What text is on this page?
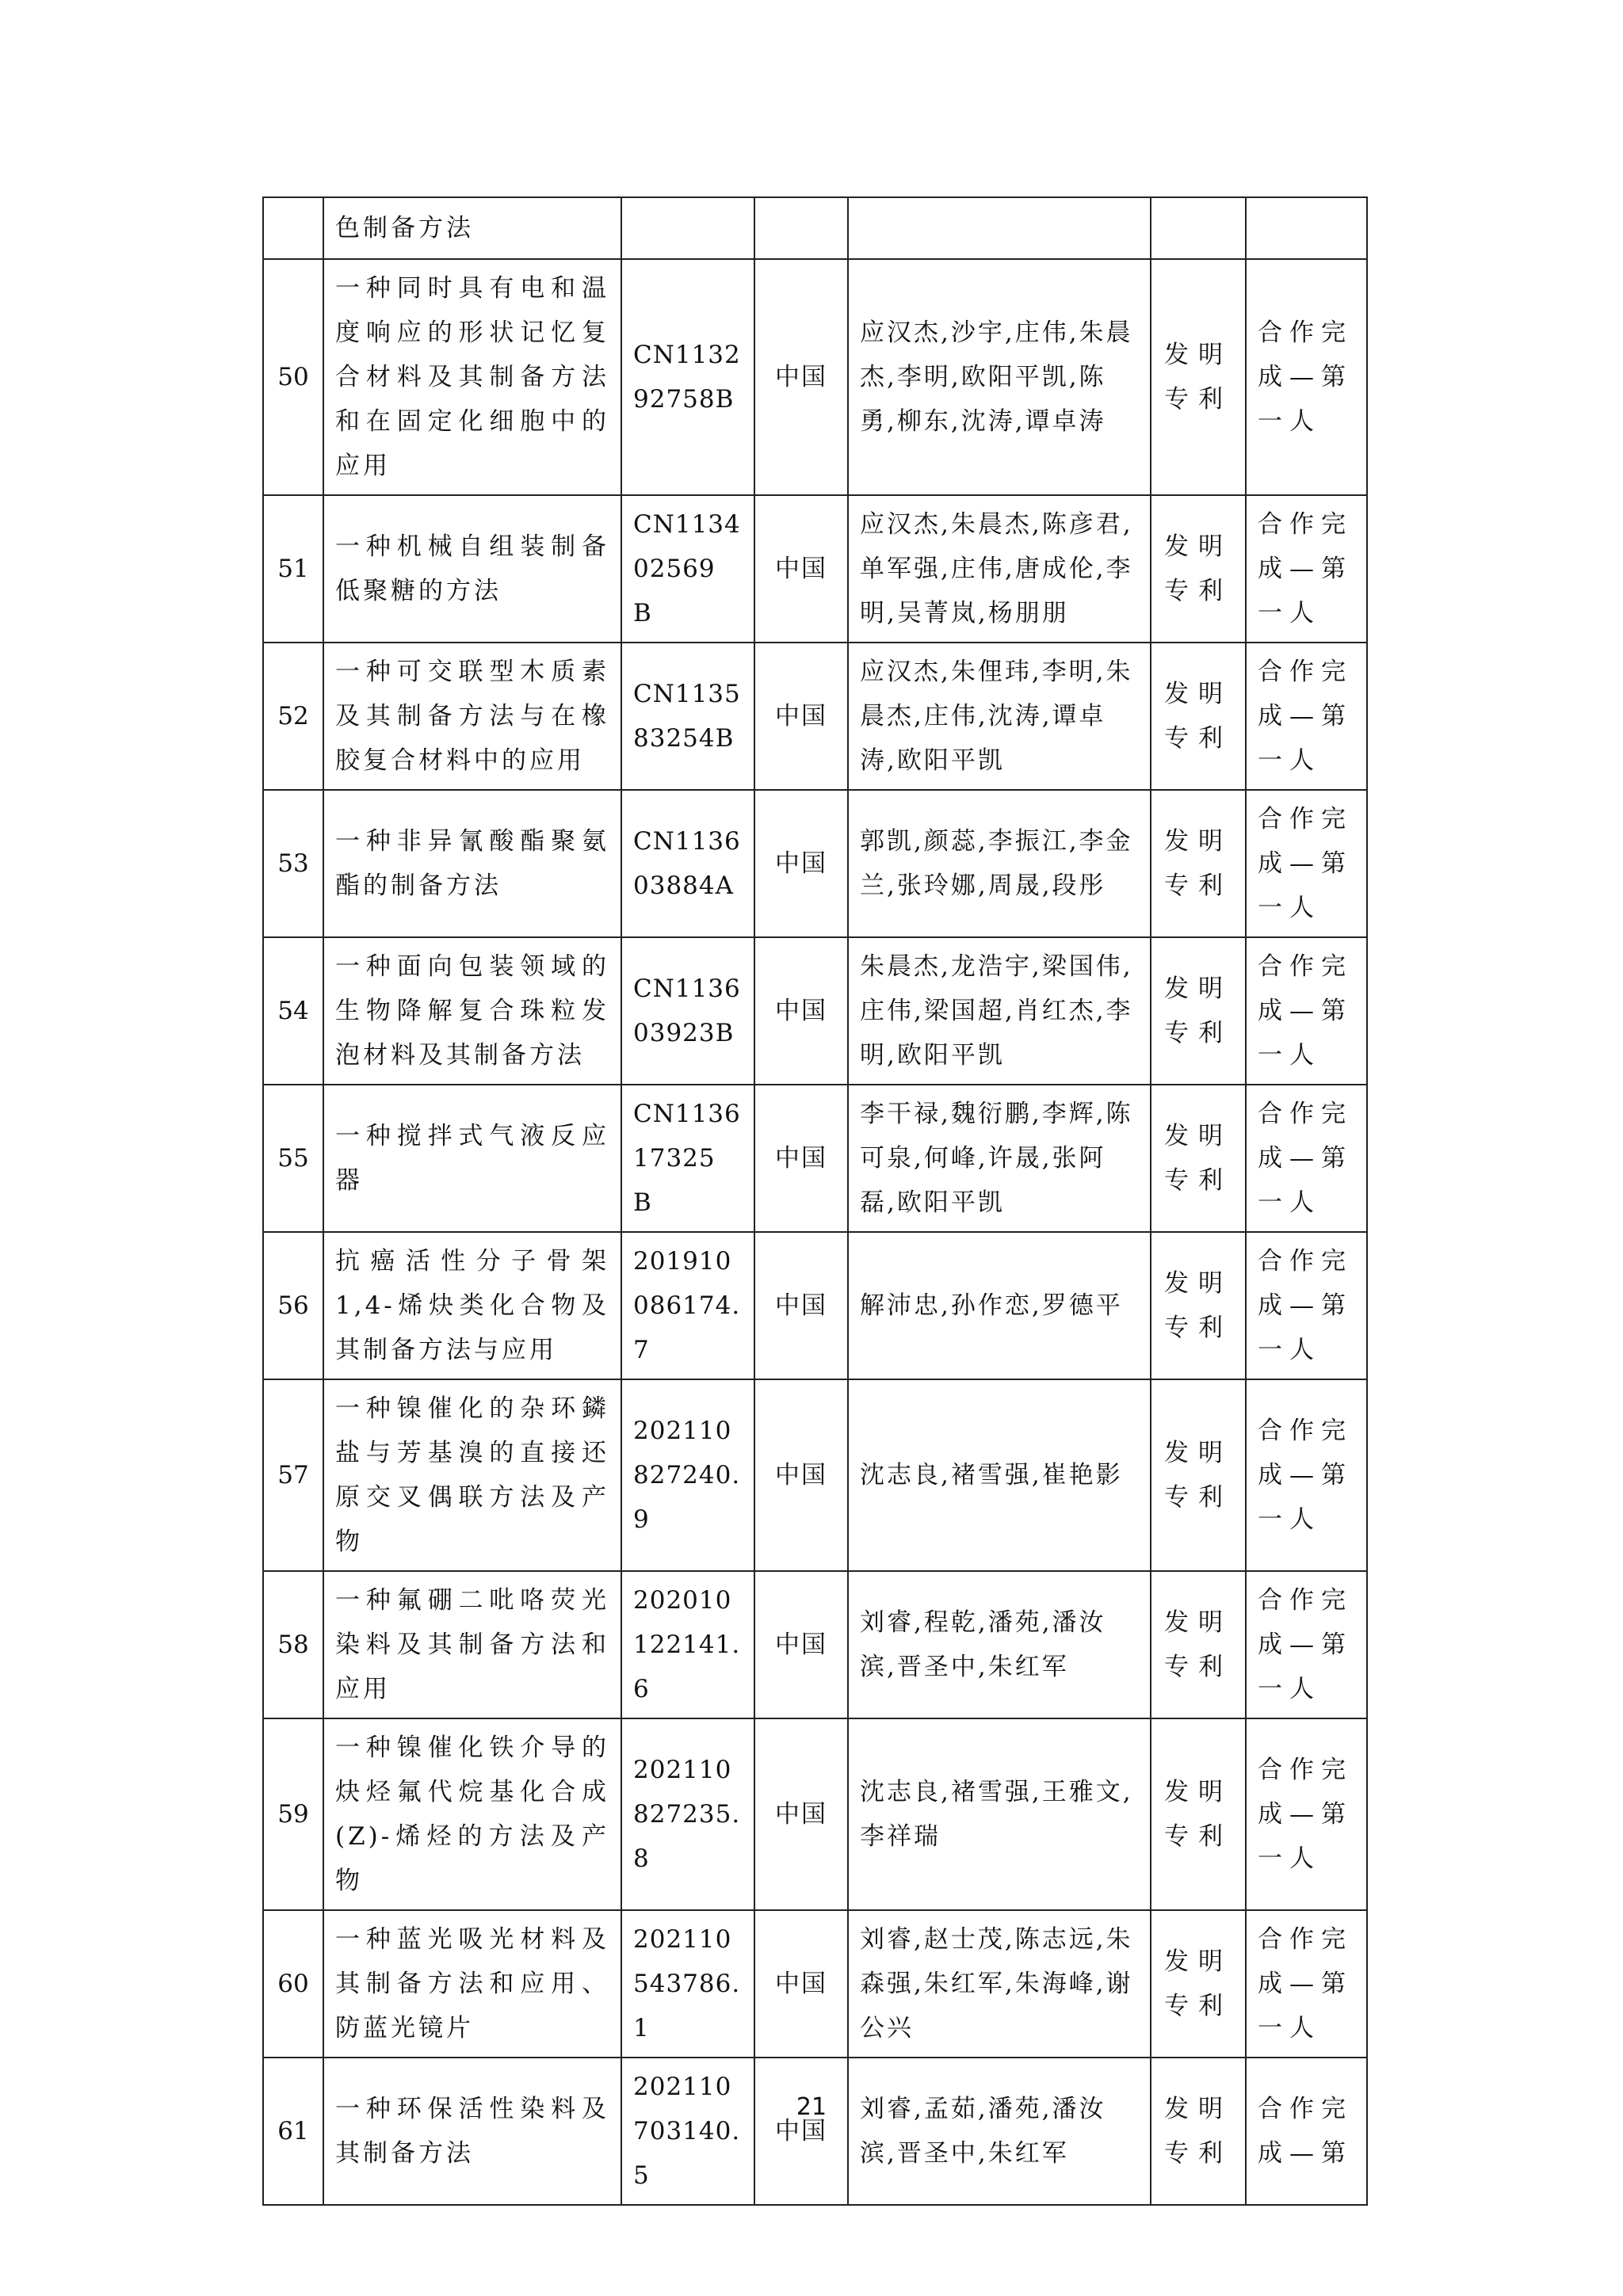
	色制备方法					
50	一种同时具有电和温度响应的形状记忆复合材料及其制备方法和在固定化细胞中的应用	CN113292758B	中国	应汉杰,沙宇,庄伟,朱晨杰,李明,欧阳平凯,陈勇,柳东,沈涛,谭卓涛	发明专利	合作完成—第一人
51	一种机械自组装制备低聚糖的方法	CN113402569 B	中国	应汉杰,朱晨杰,陈彦君,单军强,庄伟,唐成伦,李明,吴菁岚,杨朋朋	发明专利	合作完成—第一人
52	一种可交联型木质素及其制备方法与在橡胶复合材料中的应用	CN113583254B	中国	应汉杰,朱俚玮,李明,朱晨杰,庄伟,沈涛,谭卓涛,欧阳平凯	发明专利	合作完成—第一人
53	一种非异氰酸酯聚氨酯的制备方法	CN113603884A	中国	郭凯,颜蕊,李振江,李金兰,张玲娜,周晟,段彤	发明专利	合作完成—第一人
54	一种面向包装领域的生物降解复合珠粒发泡材料及其制备方法	CN113603923B	中国	朱晨杰,龙浩宇,梁国伟,庄伟,梁国超,肖红杰,李明,欧阳平凯	发明专利	合作完成—第一人
55	一种搅拌式气液反应器	CN113617325 B	中国	李干禄,魏衍鹏,李辉,陈可泉,何峰,许晟,张阿磊,欧阳平凯	发明专利	合作完成—第一人
56	抗癌活性分子骨架1,4-烯炔类化合物及其制备方法与应用	201910086174.7	中国	解沛忠,孙作恋,罗德平	发明专利	合作完成—第一人
57	一种镍催化的杂环鏻盐与芳基溴的直接还原交叉偶联方法及产物	202110827240.9	中国	沈志良,褚雪强,崔艳影	发明专利	合作完成—第一人
58	一种氟硼二吡咯荧光染料及其制备方法和应用	202010122141.6	中国	刘睿,程乾,潘苑,潘汝滨,晋圣中,朱红军	发明专利	合作完成—第一人
59	一种镍催化铁介导的炔烃氟代烷基化合成(Z)-烯烃的方法及产物	202110827235.8	中国	沈志良,褚雪强,王雅文,李祥瑞	发明专利	合作完成—第一人
60	一种蓝光吸光材料及其制备方法和应用、防蓝光镜片	202110543786.1	中国	刘睿,赵士茂,陈志远,朱森强,朱红军,朱海峰,谢公兴	发明专利	合作完成—第一人
61	一种环保活性染料及其制备方法	202110703140.5	中国	刘睿,孟茹,潘苑,潘汝滨,晋圣中,朱红军	发明专利	合作完成—第
21
